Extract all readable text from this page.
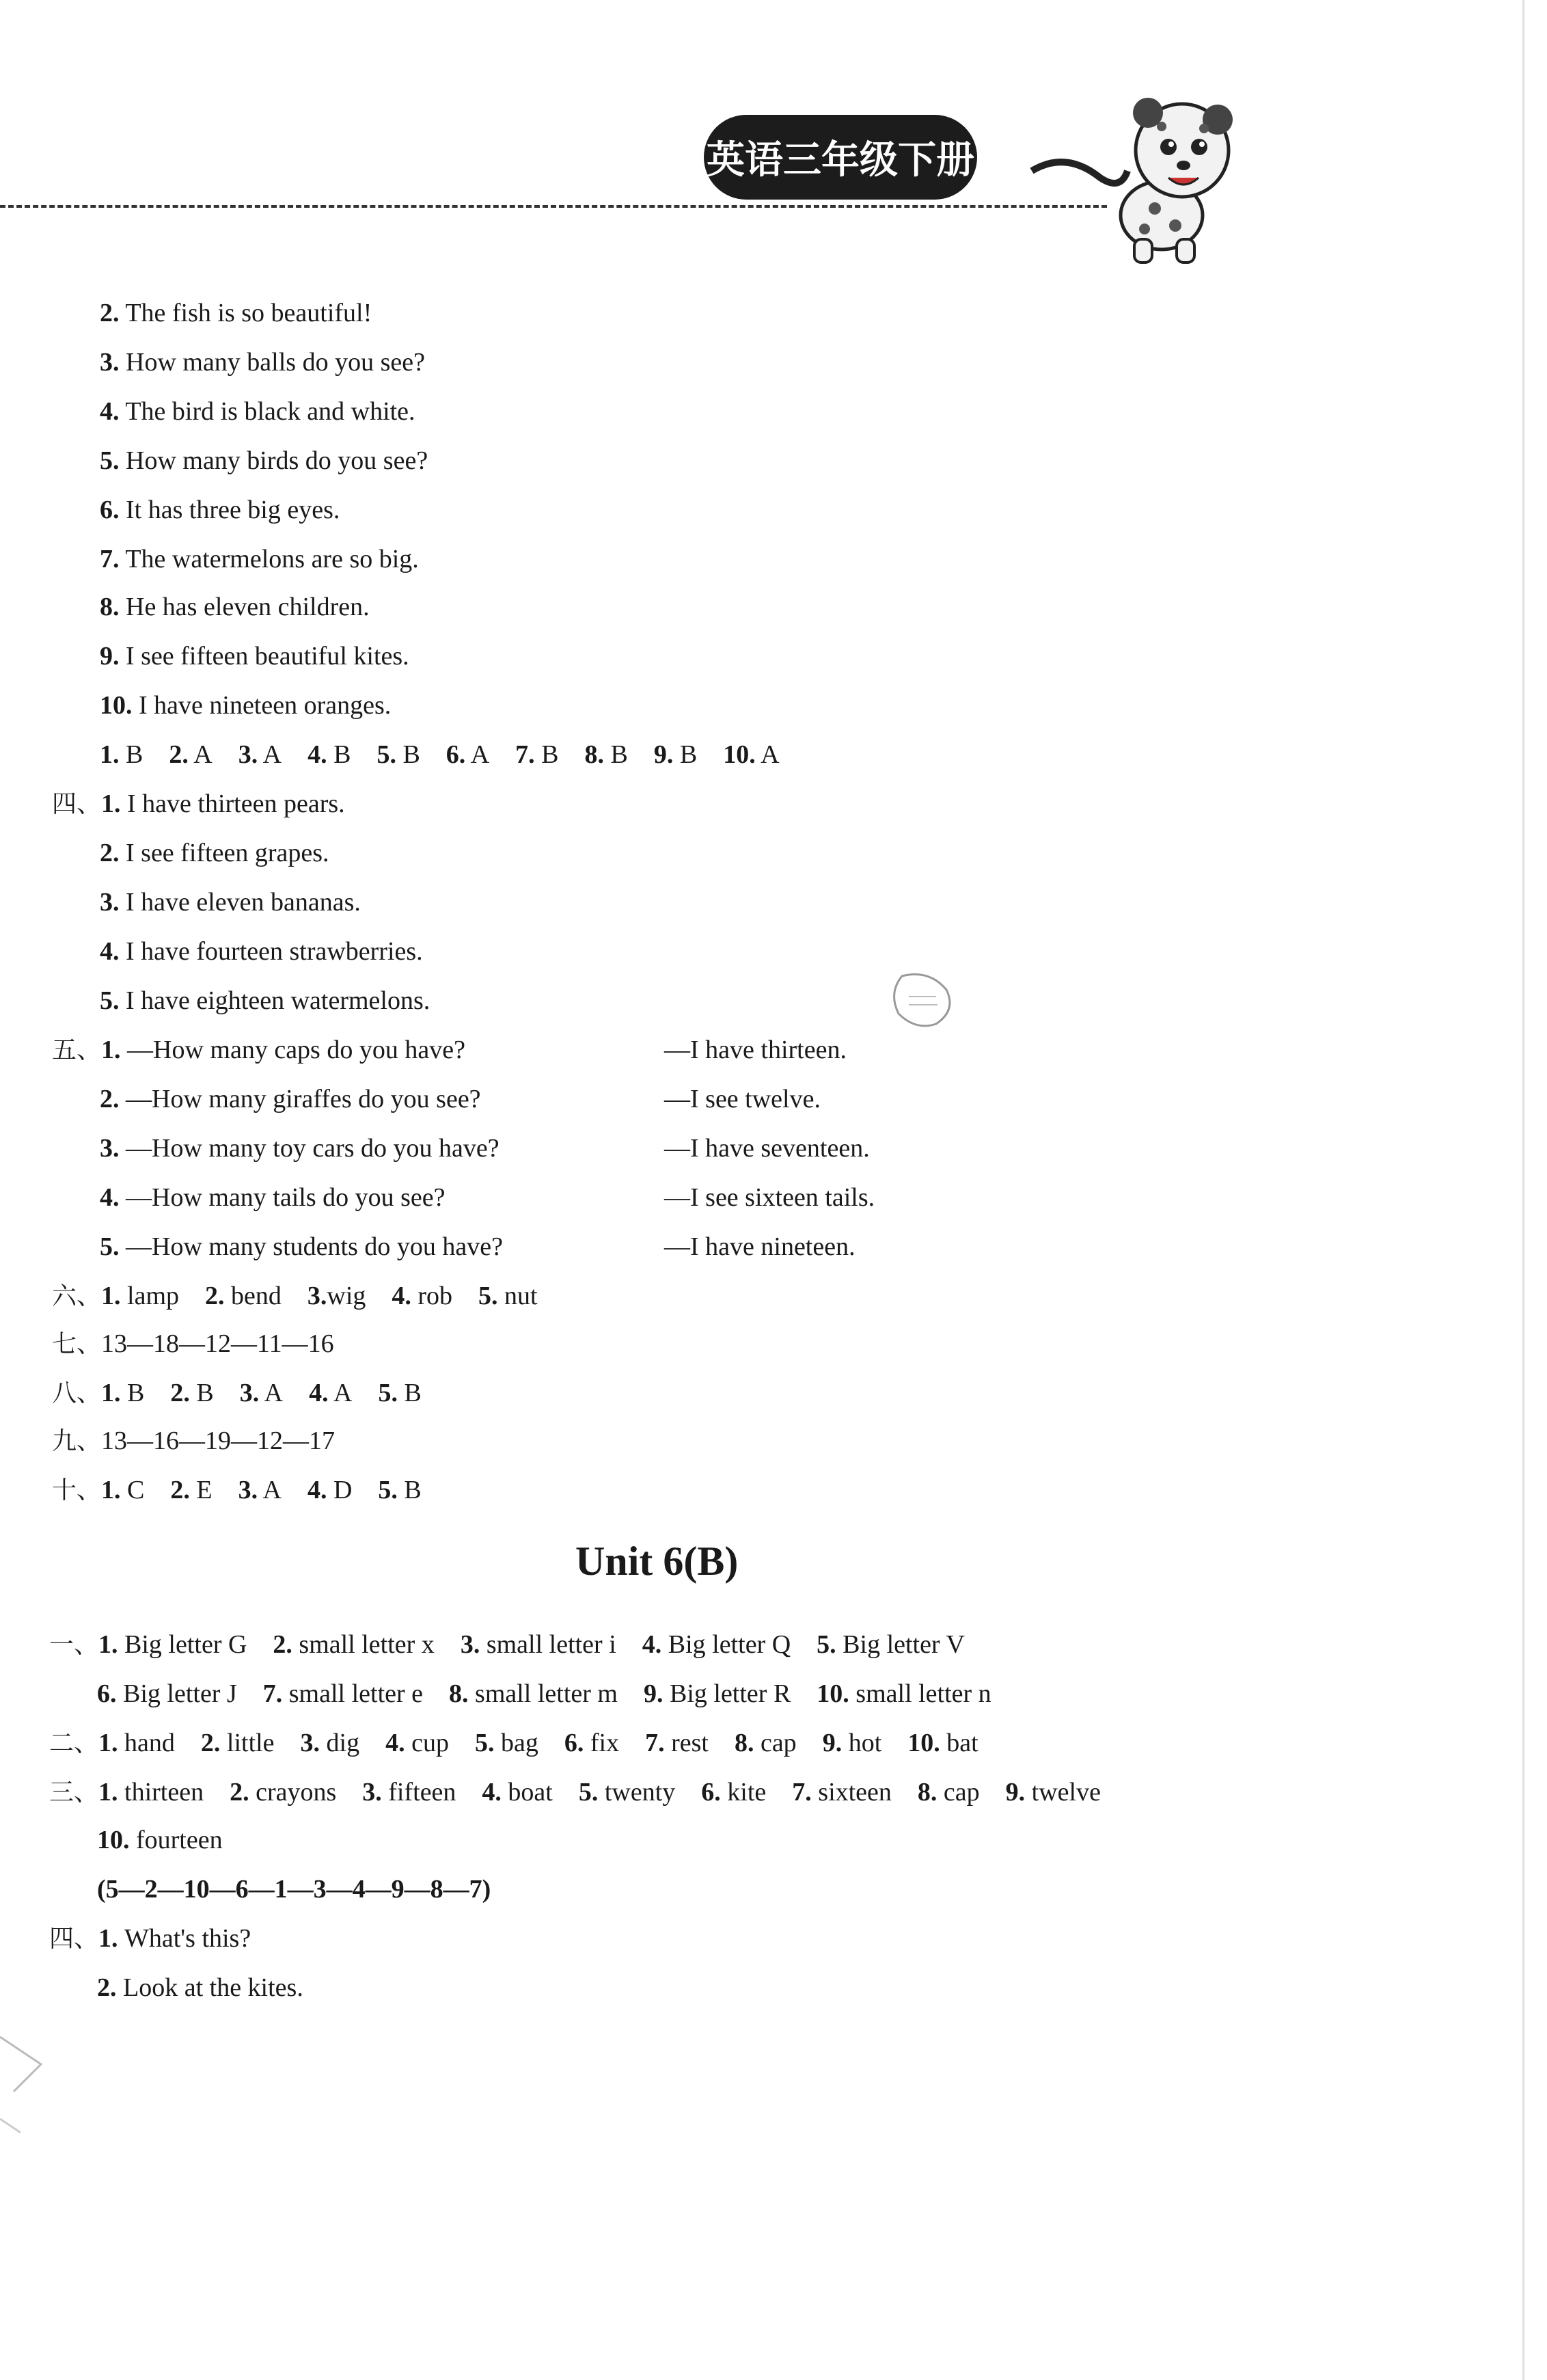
英语三年级下册
2. The fish is so beautiful!
3. How many balls do you see?
4. The bird is black and white.
5. How many birds do you see?
6. It has three big eyes.
7. The watermelons are so big.
8. He has eleven children.
9. I see fifteen beautiful kites.
10. I have nineteen oranges.
1. B 2. A 3. A 4. B 5. B 6. A 7. B 8. B 9. B 10. A
四、1. I have thirteen pears.
2. I see fifteen grapes.
3. I have eleven bananas.
4. I have fourteen strawberries.
5. I have eighteen watermelons.
五、1. —How many caps do you have?	—I have thirteen.
2. —How many giraffes do you see?	—I see twelve.
3. —How many toy cars do you have?	—I have seventeen.
4. —How many tails do you see?	—I see sixteen tails.
5. —How many students do you have?	—I have nineteen.
六、1. lamp 2. bend 3.wig 4. rob 5. nut
七、13—18—12—11—16
八、1. B 2. B 3. A 4. A 5. B
九、13—16—19—12—17
十、1. C 2. E 3. A 4. D 5. B
Unit 6(B)
一、1. Big letter G 2. small letter x 3. small letter i 4. Big letter Q 5. Big letter V
6. Big letter J 7. small letter e 8. small letter m 9. Big letter R 10. small letter n
二、1. hand 2. little 3. dig 4. cup 5. bag 6. fix 7. rest 8. cap 9. hot 10. bat
三、1. thirteen 2. crayons 3. fifteen 4. boat 5. twenty 6. kite 7. sixteen 8. cap 9. twelve
10. fourteen
(5—2—10—6—1—3—4—9—8—7)
四、1. What's this?
2. Look at the kites.
